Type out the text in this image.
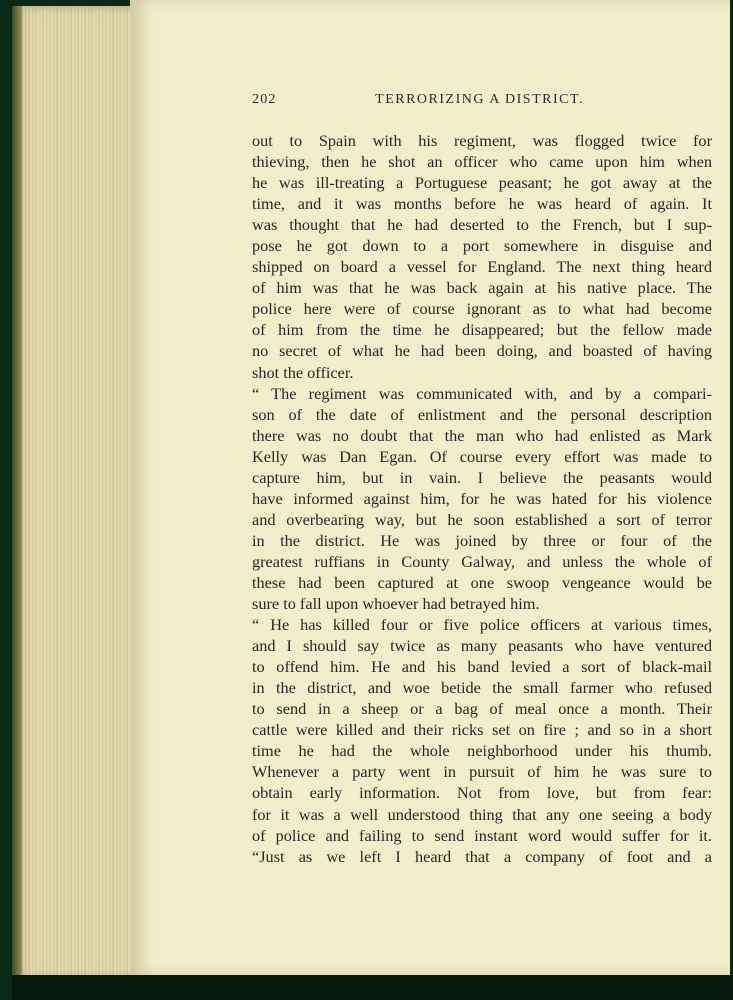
202	TERRORIZING A DISTRICT.
out to Spain with his regiment, was flogged twice for
thieving, then he shot an officer who came upon him when
he was ill-treating a Portuguese peasant; he got away at the
time, and it was months before he was heard of again. It
was thought that he had deserted to the French, but I sup-
pose he got down to a port somewhere in disguise and
shipped on board a vessel for England. The next thing heard
of him was that he was back again at his native place. The
police here were of course ignorant as to what had become
of him from the time he disappeared; but the fellow made
no secret of what he had been doing, and boasted of having
shot the officer.
“ The regiment was communicated with, and by a compari-
son of the date of enlistment and the personal description
there was no doubt that the man who had enlisted as Mark
Kelly was Dan Egan. Of course every effort was made to
capture him, but in vain. I believe the peasants would
have informed against him, for he was hated for his violence
and overbearing way, but he soon established a sort of terror
in the district. He was joined by three or four of the
greatest ruffians in County Galway, and unless the whole of
these had been captured at one swoop vengeance would be
sure to fall upon whoever had betrayed him.
“ He has killed four or five police officers at various times,
and I should say twice as many peasants who have ventured
to offend him. He and his band levied a sort of black-mail
in the district, and woe betide the small farmer who refused
to send in a sheep or a bag of meal once a month. Their
cattle were killed and their ricks set on fire ; and so in a short
time he had the whole neighborhood under his thumb.
Whenever a party went in pursuit of him he was sure to
obtain early information. Not from love, but from fear:
for it was a well understood thing that any one seeing a body
of police and failing to send instant word would suffer for it.
“Just as we left I heard that a company of foot and a
